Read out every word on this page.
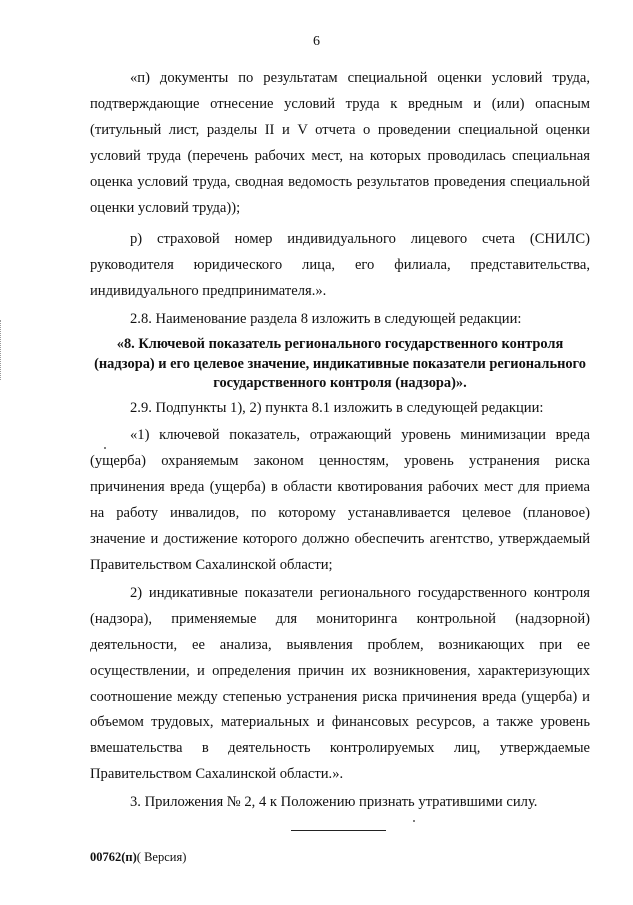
6

«п) документы по результатам специальной оценки условий труда, подтверждающие отнесение условий труда к вредным и (или) опасным (титульный лист, разделы II и V отчета о проведении специальной оценки условий труда (перечень рабочих мест, на которых проводилась специальная оценка условий труда, сводная ведомость результатов проведения специальной оценки условий труда));

р) страховой номер индивидуального лицевого счета (СНИЛС) руководителя юридического лица, его филиала, представительства, индивидуального предпринимателя.».

2.8. Наименование раздела 8 изложить в следующей редакции:

«8. Ключевой показатель регионального государственного контроля (надзора) и его целевое значение, индикативные показатели регионального государственного контроля (надзора)».

2.9. Подпункты 1), 2) пункта 8.1 изложить в следующей редакции:

«1) ключевой показатель, отражающий уровень минимизации вреда (ущерба) охраняемым законом ценностям, уровень устранения риска причинения вреда (ущерба) в области квотирования рабочих мест для приема на работу инвалидов, по которому устанавливается целевое (плановое) значение и достижение которого должно обеспечить агентство, утверждаемый Правительством Сахалинской области;

2) индикативные показатели регионального государственного контроля (надзора), применяемые для мониторинга контрольной (надзорной) деятельности, ее анализа, выявления проблем, возникающих при ее осуществлении, и определения причин их возникновения, характеризующих соотношение между степенью устранения риска причинения вреда (ущерба) и объемом трудовых, материальных и финансовых ресурсов, а также уровень вмешательства в деятельность контролируемых лиц, утверждаемые Правительством Сахалинской области.».

3. Приложения № 2, 4 к Положению признать утратившими силу.

00762(п)( Версия)
